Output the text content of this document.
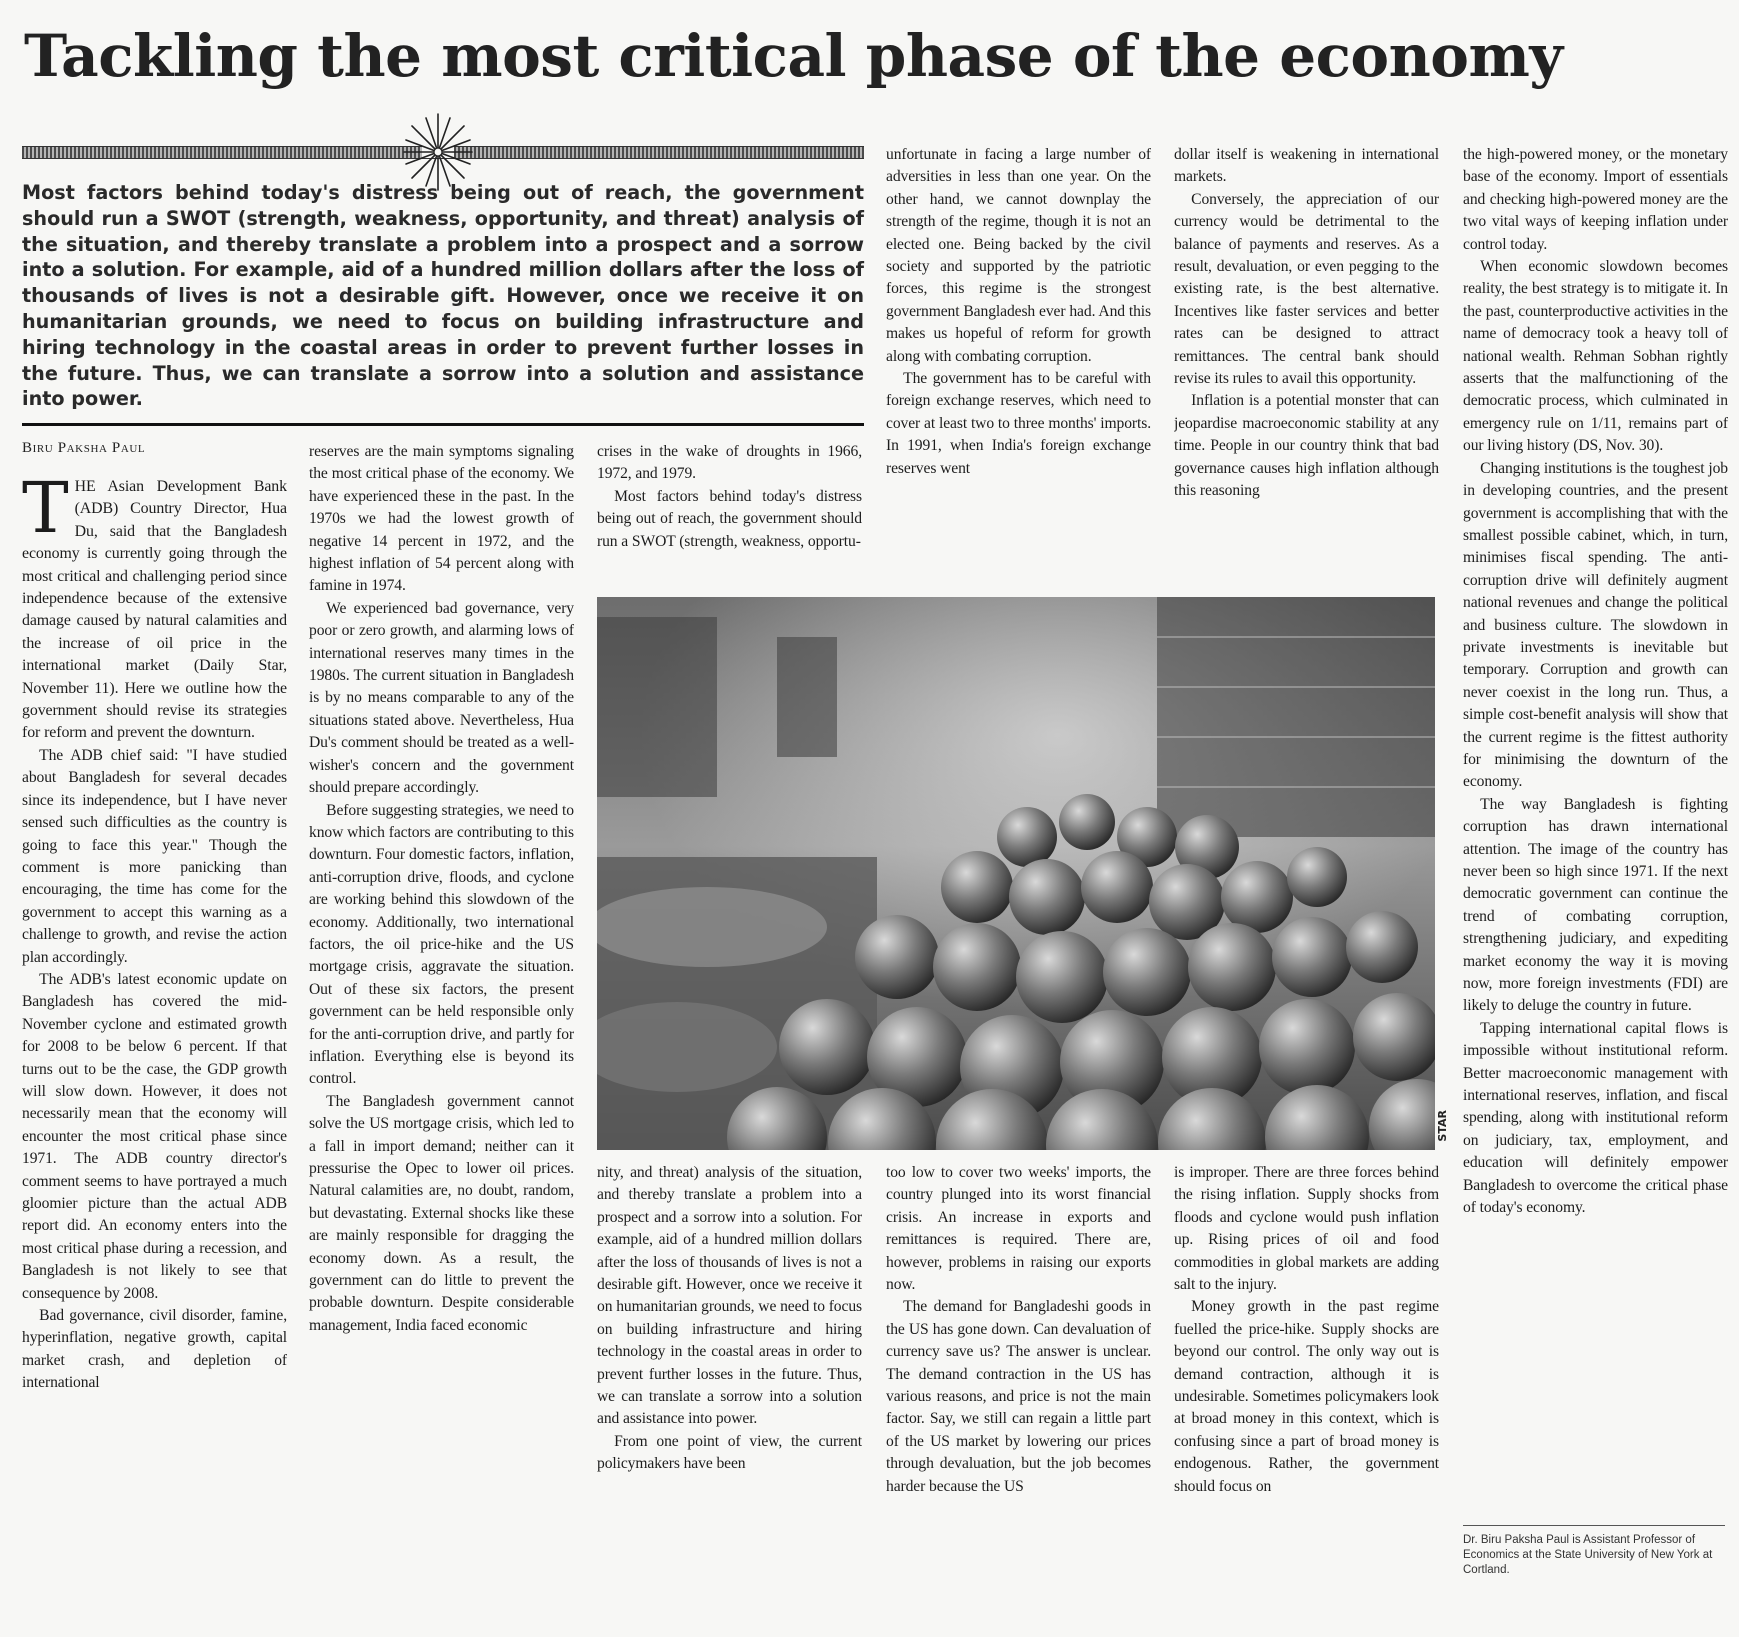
Tackling the most critical phase of the economy

Most factors behind today's distress being out of reach, the government should run a SWOT (strength, weakness, opportunity, and threat) analysis of the situation, and thereby translate a problem into a prospect and a sorrow into a solution. For example, aid of a hundred million dollars after the loss of thousands of lives is not a desirable gift. However, once we receive it on humanitarian grounds, we need to focus on building infrastructure and hiring technology in the coastal areas in order to prevent further losses in the future. Thus, we can translate a sorrow into a solution and assistance into power.

Biru Paksha Paul

THE Asian Development Bank (ADB) Country Director, Hua Du, said that the Bangladesh economy is currently going through the most critical and challenging period since independence because of the extensive damage caused by natural calamities and the increase of oil price in the international market (Daily Star, November 11). Here we outline how the government should revise its strategies for reform and prevent the downturn.

The ADB chief said: "I have studied about Bangladesh for several decades since its independence, but I have never sensed such difficulties as the country is going to face this year." Though the comment is more panicking than encouraging, the time has come for the government to accept this warning as a challenge to growth, and revise the action plan accordingly.

The ADB's latest economic update on Bangladesh has covered the mid-November cyclone and estimated growth for 2008 to be below 6 percent. If that turns out to be the case, the GDP growth will slow down. However, it does not necessarily mean that the economy will encounter the most critical phase since 1971. The ADB country director's comment seems to have portrayed a much gloomier picture than the actual ADB report did. An economy enters into the most critical phase during a recession, and Bangladesh is not likely to see that consequence by 2008.

Bad governance, civil disorder, famine, hyperinflation, negative growth, capital market crash, and depletion of international

reserves are the main symptoms signaling the most critical phase of the economy. We have experienced these in the past. In the 1970s we had the lowest growth of negative 14 percent in 1972, and the highest inflation of 54 percent along with famine in 1974.

We experienced bad governance, very poor or zero growth, and alarming lows of international reserves many times in the 1980s. The current situation in Bangladesh is by no means comparable to any of the situations stated above. Nevertheless, Hua Du's comment should be treated as a well-wisher's concern and the government should prepare accordingly.

Before suggesting strategies, we need to know which factors are contributing to this downturn. Four domestic factors, inflation, anti-corruption drive, floods, and cyclone are working behind this slowdown of the economy. Additionally, two international factors, the oil price-hike and the US mortgage crisis, aggravate the situation. Out of these six factors, the present government can be held responsible only for the anti-corruption drive, and partly for inflation. Everything else is beyond its control.

The Bangladesh government cannot solve the US mortgage crisis, which led to a fall in import demand; neither can it pressurise the Opec to lower oil prices. Natural calamities are, no doubt, random, but devastating. External shocks like these are mainly responsible for dragging the economy down. As a result, the government can do little to prevent the probable downturn. Despite considerable management, India faced economic

crises in the wake of droughts in 1966, 1972, and 1979.

Most factors behind today's distress being out of reach, the government should run a SWOT (strength, weakness, opportu-

unfortunate in facing a large number of adversities in less than one year. On the other hand, we cannot downplay the strength of the regime, though it is not an elected one. Being backed by the civil society and supported by the patriotic forces, this regime is the strongest government Bangladesh ever had. And this makes us hopeful of reform for growth along with combating corruption.

The government has to be careful with foreign exchange reserves, which need to cover at least two to three months' imports. In 1991, when India's foreign exchange reserves went

dollar itself is weakening in international markets.

Conversely, the appreciation of our currency would be detrimental to the balance of payments and reserves. As a result, devaluation, or even pegging to the existing rate, is the best alternative. Incentives like faster services and better rates can be designed to attract remittances. The central bank should revise its rules to avail this opportunity.

Inflation is a potential monster that can jeopardise macroeconomic stability at any time. People in our country think that bad governance causes high inflation although this reasoning

the high-powered money, or the monetary base of the economy. Import of essentials and checking high-powered money are the two vital ways of keeping inflation under control today.

When economic slowdown becomes reality, the best strategy is to mitigate it. In the past, counterproductive activities in the name of democracy took a heavy toll of national wealth. Rehman Sobhan rightly asserts that the malfunctioning of the democratic process, which culminated in emergency rule on 1/11, remains part of our living history (DS, Nov. 30).

Changing institutions is the toughest job in developing countries, and the present government is accomplishing that with the smallest possible cabinet, which, in turn, minimises fiscal spending. The anti-corruption drive will definitely augment national revenues and change the political and business culture. The slowdown in private investments is inevitable but temporary. Corruption and growth can never coexist in the long run. Thus, a simple cost-benefit analysis will show that the current regime is the fittest authority for minimising the downturn of the economy.

The way Bangladesh is fighting corruption has drawn international attention. The image of the country has never been so high since 1971. If the next democratic government can continue the trend of combating corruption, strengthening judiciary, and expediting market economy the way it is moving now, more foreign investments (FDI) are likely to deluge the country in future.

Tapping international capital flows is impossible without institutional reform. Better macroeconomic management with international reserves, inflation, and fiscal spending, along with institutional reform on judiciary, tax, employment, and education will definitely empower Bangladesh to overcome the critical phase of today's economy.

STAR

nity, and threat) analysis of the situation, and thereby translate a problem into a prospect and a sorrow into a solution. For example, aid of a hundred million dollars after the loss of thousands of lives is not a desirable gift. However, once we receive it on humanitarian grounds, we need to focus on building infrastructure and hiring technology in the coastal areas in order to prevent further losses in the future. Thus, we can translate a sorrow into a solution and assistance into power.

From one point of view, the current policymakers have been

too low to cover two weeks' imports, the country plunged into its worst financial crisis. An increase in exports and remittances is required. There are, however, problems in raising our exports now.

The demand for Bangladeshi goods in the US has gone down. Can devaluation of currency save us? The answer is unclear. The demand contraction in the US has various reasons, and price is not the main factor. Say, we still can regain a little part of the US market by lowering our prices through devaluation, but the job becomes harder because the US

is improper. There are three forces behind the rising inflation. Supply shocks from floods and cyclone would push inflation up. Rising prices of oil and food commodities in global markets are adding salt to the injury.

Money growth in the past regime fuelled the price-hike. Supply shocks are beyond our control. The only way out is demand contraction, although it is undesirable. Sometimes policymakers look at broad money in this context, which is confusing since a part of broad money is endogenous. Rather, the government should focus on

Dr. Biru Paksha Paul is Assistant Professor of Economics at the State University of New York at Cortland.
